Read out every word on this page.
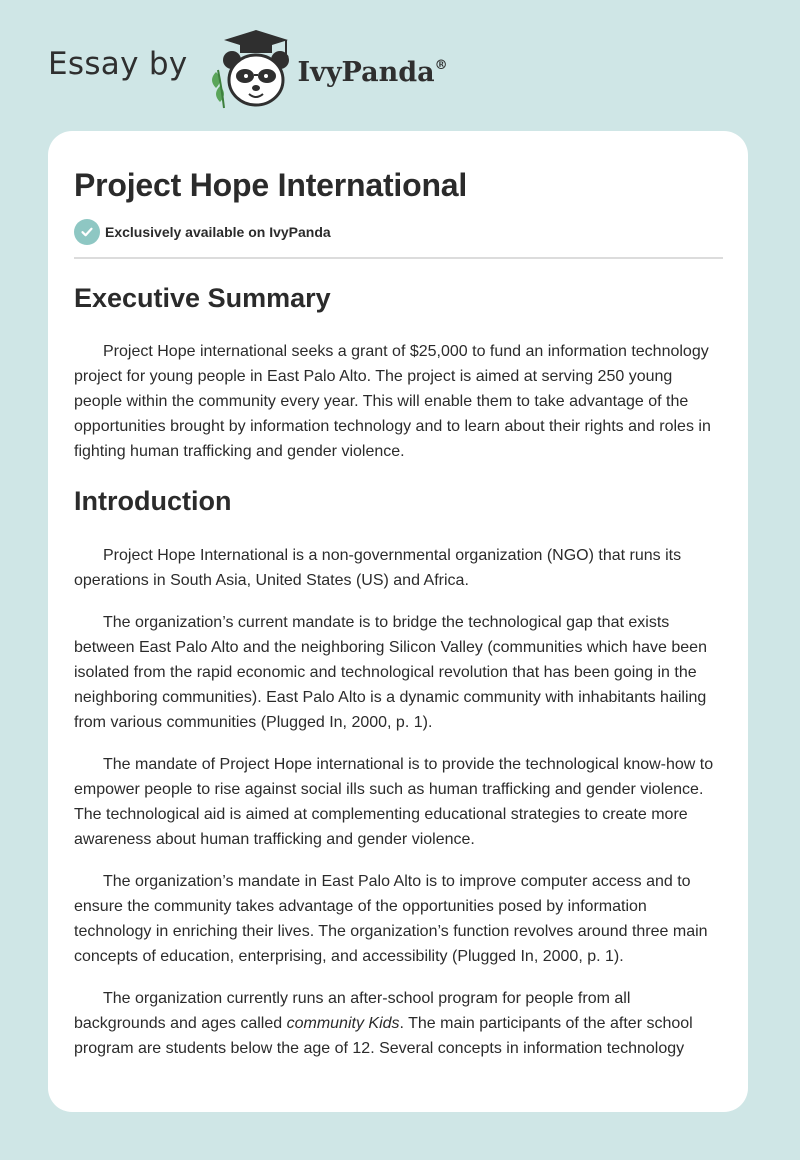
Essay by	IvyPanda®
Project Hope International
Exclusively available on IvyPanda
Executive Summary

Project Hope international seeks a grant of $25,000 to fund an information technology project for young people in East Palo Alto. The project is aimed at serving 250 young people within the community every year. This will enable them to take advantage of the opportunities brought by information technology and to learn about their rights and roles in fighting human trafficking and gender violence.

Introduction

Project Hope International is a non-governmental organization (NGO) that runs its operations in South Asia, United States (US) and Africa.

The organization’s current mandate is to bridge the technological gap that exists between East Palo Alto and the neighboring Silicon Valley (communities which have been isolated from the rapid economic and technological revolution that has been going in the neighboring communities). East Palo Alto is a dynamic community with inhabitants hailing from various communities (Plugged In, 2000, p. 1).

The mandate of Project Hope international is to provide the technological know-how to empower people to rise against social ills such as human trafficking and gender violence. The technological aid is aimed at complementing educational strategies to create more awareness about human trafficking and gender violence.

The organization’s mandate in East Palo Alto is to improve computer access and to ensure the community takes advantage of the opportunities posed by information technology in enriching their lives. The organization’s function revolves around three main concepts of education, enterprising, and accessibility (Plugged In, 2000, p. 1).

The organization currently runs an after-school program for people from all backgrounds and ages called community Kids. The main participants of the after school program are students below the age of 12. Several concepts in information technology
